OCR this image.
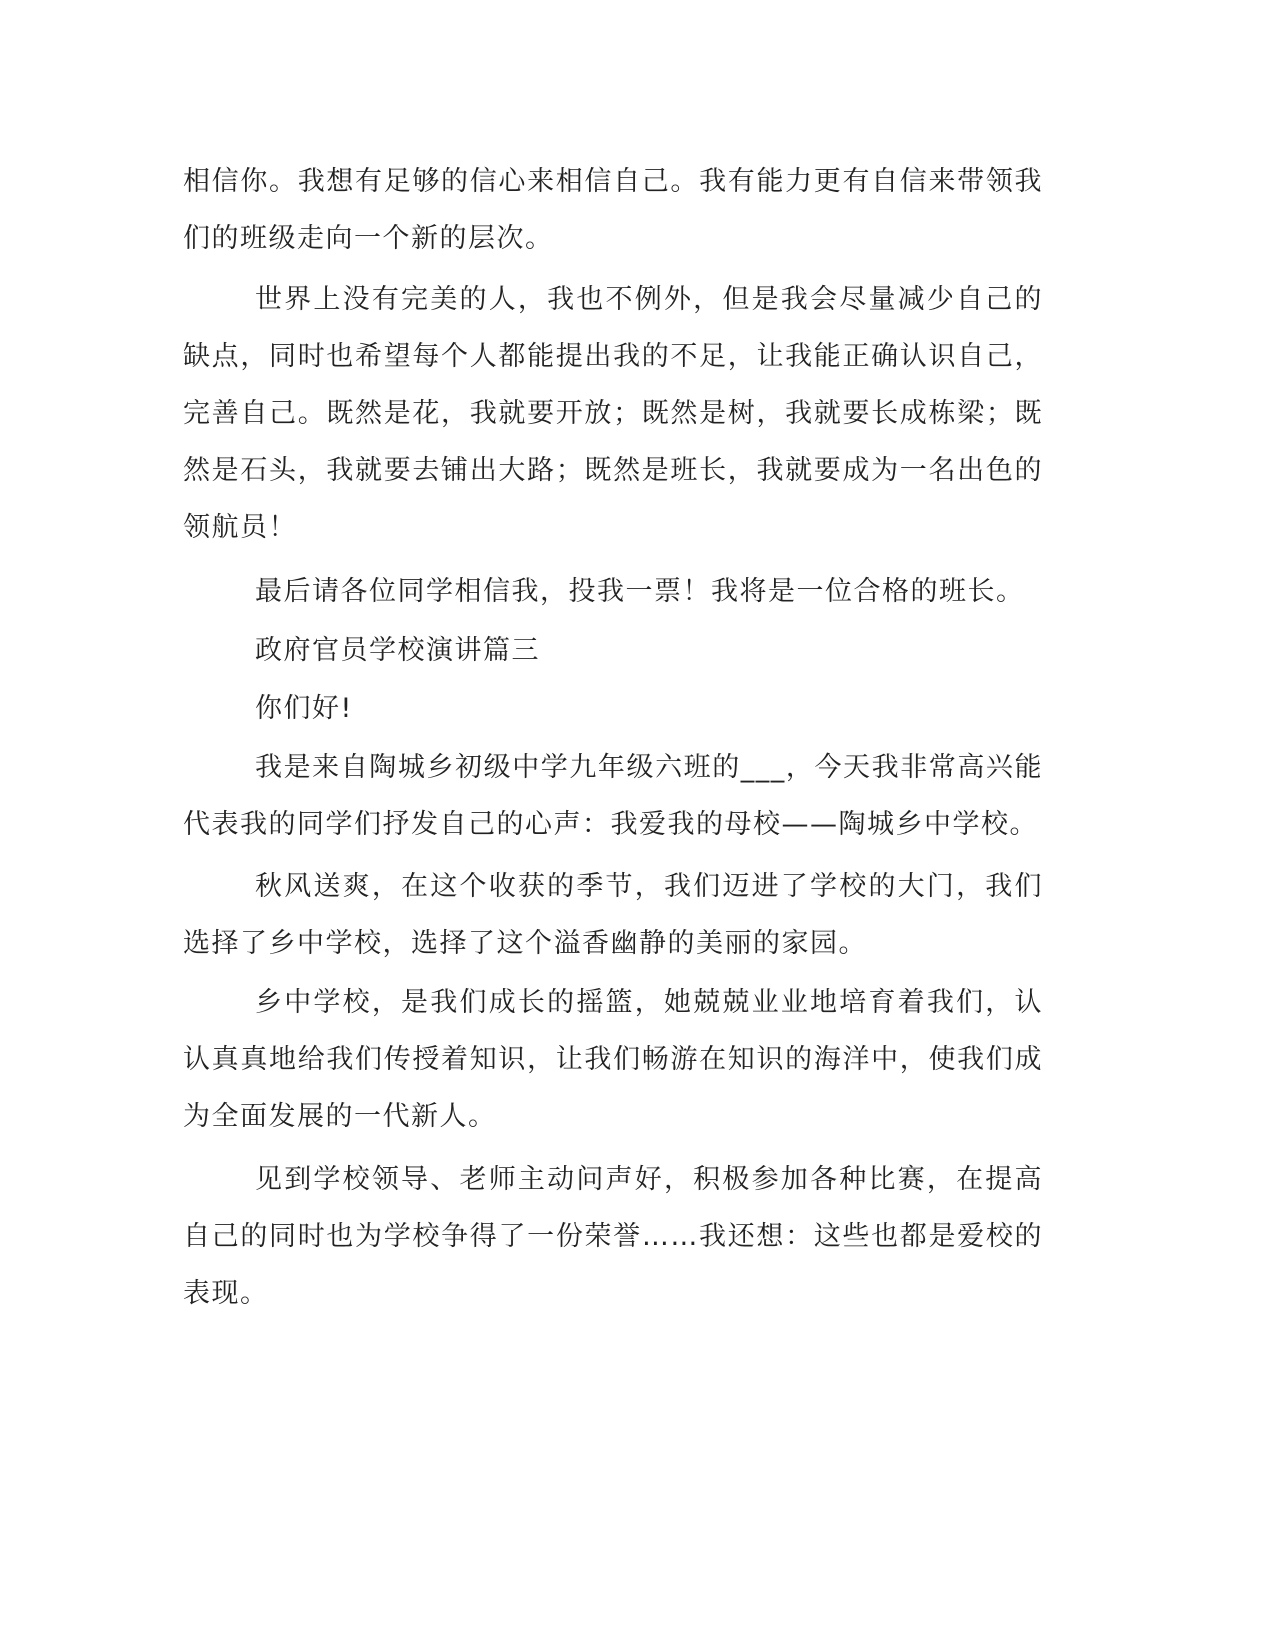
相信你。我想有足够的信心来相信自己。我有能力更有自信来带领我们的班级走向一个新的层次。

世界上没有完美的人，我也不例外，但是我会尽量减少自己的缺点，同时也希望每个人都能提出我的不足，让我能正确认识自己，完善自己。既然是花，我就要开放；既然是树，我就要长成栋梁；既然是石头，我就要去铺出大路；既然是班长，我就要成为一名出色的领航员！

最后请各位同学相信我，投我一票！我将是一位合格的班长。

政府官员学校演讲篇三

你们好!

我是来自陶城乡初级中学九年级六班的___，今天我非常高兴能代表我的同学们抒发自己的心声：我爱我的母校——陶城乡中学校。

秋风送爽，在这个收获的季节，我们迈进了学校的大门，我们选择了乡中学校，选择了这个溢香幽静的美丽的家园。

乡中学校，是我们成长的摇篮，她兢兢业业地培育着我们，认认真真地给我们传授着知识，让我们畅游在知识的海洋中，使我们成为全面发展的一代新人。

见到学校领导、老师主动问声好，积极参加各种比赛，在提高自己的同时也为学校争得了一份荣誉……我还想：这些也都是爱校的表现。
